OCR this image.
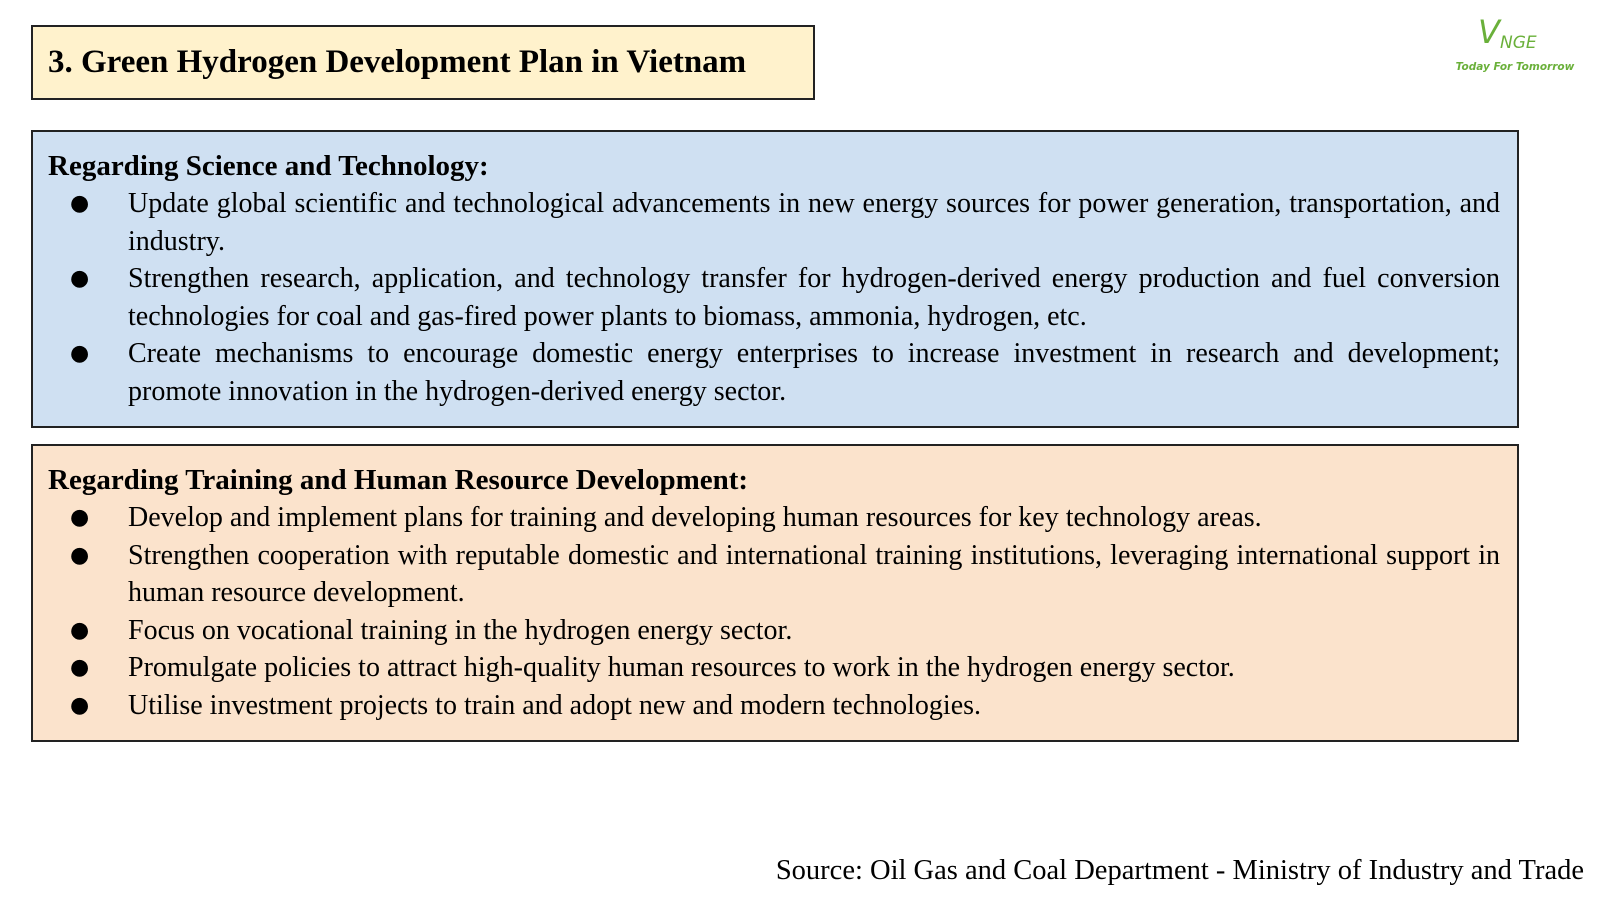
3. Green Hydrogen Development Plan in Vietnam
V NGE
Today For Tomorrow
Regarding Science and Technology:
● Update global scientific and technological advancements in new energy sources for power generation, transportation, and industry.
● Strengthen research, application, and technology transfer for hydrogen-derived energy production and fuel conversion technologies for coal and gas-fired power plants to biomass, ammonia, hydrogen, etc.
● Create mechanisms to encourage domestic energy enterprises to increase investment in research and development; promote innovation in the hydrogen-derived energy sector.
Regarding Training and Human Resource Development:
● Develop and implement plans for training and developing human resources for key technology areas.
● Strengthen cooperation with reputable domestic and international training institutions, leveraging international support in human resource development.
● Focus on vocational training in the hydrogen energy sector.
● Promulgate policies to attract high-quality human resources to work in the hydrogen energy sector.
● Utilise investment projects to train and adopt new and modern technologies.
Source: Oil Gas and Coal Department - Ministry of Industry and Trade
